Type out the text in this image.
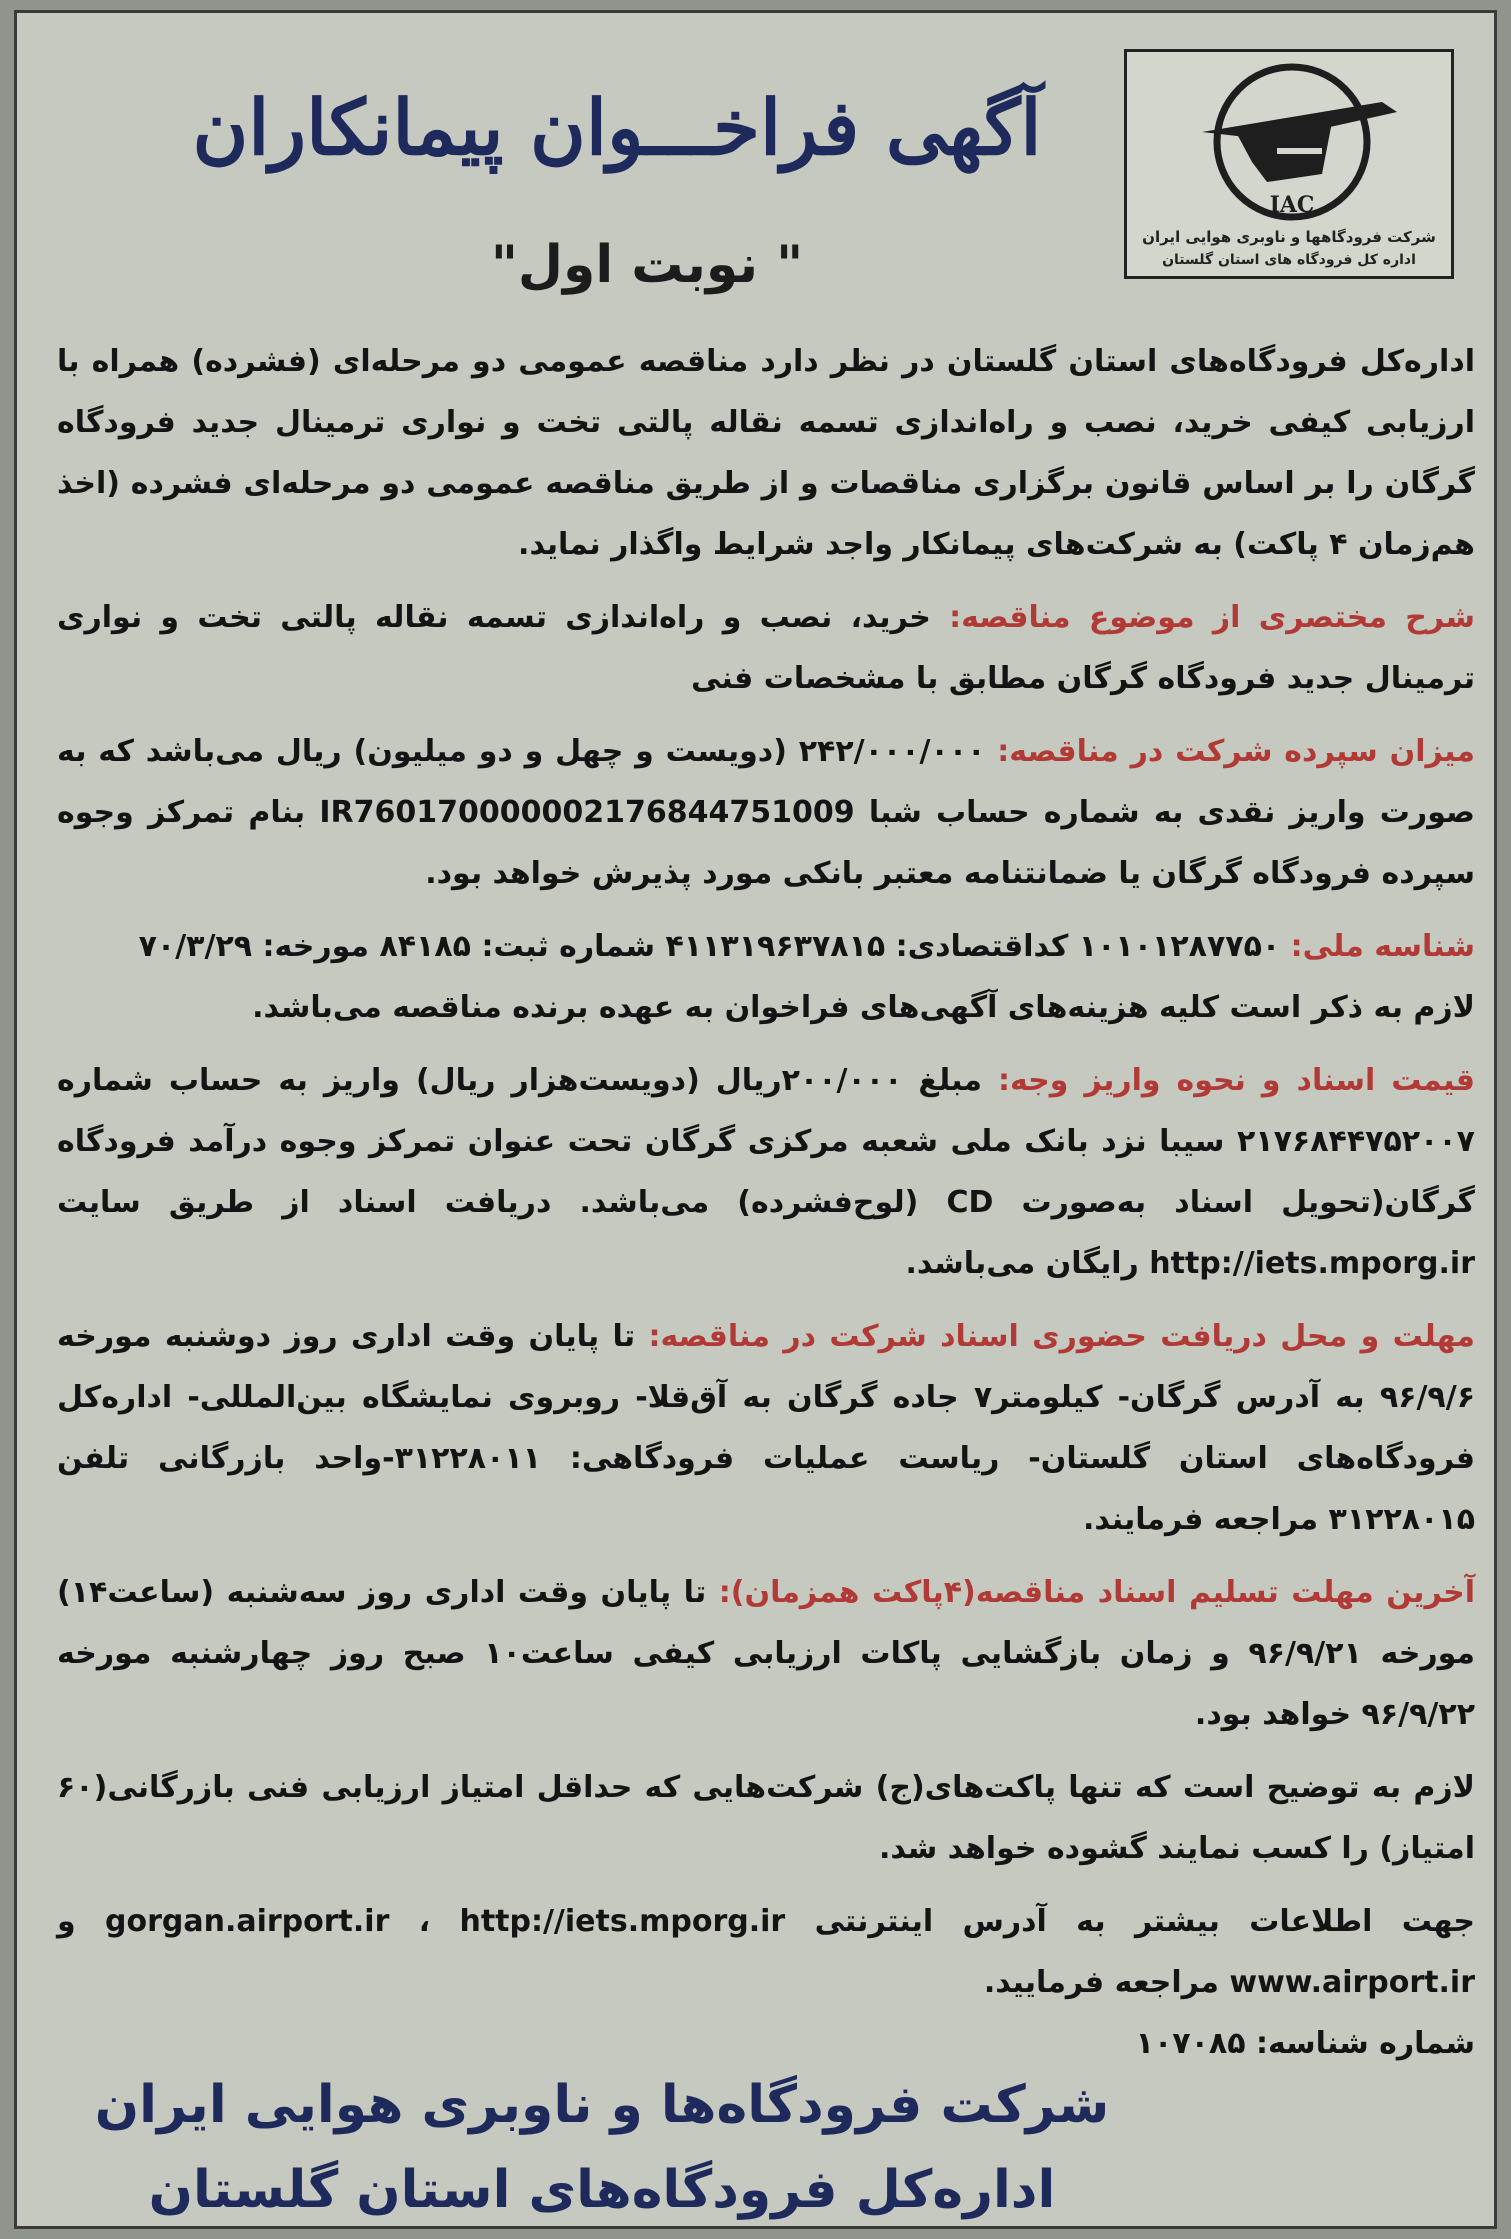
IAC
شرکت فرودگاهها و ناوبری هوایی ایران
اداره کل فرودگاه های استان گلستان
آگهی فراخـــوان پیمانکاران
" نوبت اول"

اداره‌کل فرودگاه‌های استان گلستان در نظر دارد مناقصه عمومی دو مرحله‌ای (فشرده) همراه با ارزیابی کیفی خرید، نصب و راه‌اندازی تسمه نقاله پالتی تخت و نواری ترمینال جدید فرودگاه گرگان را بر اساس قانون برگزاری مناقصات و از طریق مناقصه عمومی دو مرحله‌ای فشرده (اخذ هم‌زمان ۴ پاکت) به شرکت‌های پیمانکار واجد شرایط واگذار نماید.

شرح مختصری از موضوع مناقصه: خرید، نصب و راه‌اندازی تسمه نقاله پالتی تخت و نواری ترمینال جدید فرودگاه گرگان مطابق با مشخصات فنی

میزان سپرده شرکت در مناقصه: ۲۴۲/۰۰۰/۰۰۰ (دویست و چهل و دو میلیون) ریال می‌باشد که به صورت واریز نقدی به شماره حساب شبا IR760170000002176844751009 بنام تمرکز وجوه سپرده فرودگاه گرگان یا ضمانتنامه معتبر بانکی مورد پذیرش خواهد بود.

شناسه ملی: ۱۰۱۰۱۲۸۷۷۵۰ کداقتصادی: ۴۱۱۳۱۹۶۳۷۸۱۵ شماره ثبت: ۸۴۱۸۵ مورخه: ۷۰/۳/۲۹
لازم به ذکر است کلیه هزینه‌های آگهی‌های فراخوان به عهده برنده مناقصه می‌باشد.

قیمت اسناد و نحوه واریز وجه: مبلغ ۲۰۰/۰۰۰ریال (دویست‌هزار ریال) واریز به حساب شماره ۲۱۷۶۸۴۴۷۵۲۰۰۷ سیبا نزد بانک ملی شعبه مرکزی گرگان تحت عنوان تمرکز وجوه درآمد فرودگاه گرگان(تحویل اسناد به‌صورت CD (لوح‌فشرده) می‌باشد. دریافت اسناد از طریق سایت http://iets.mporg.ir رایگان می‌باشد.

مهلت و محل دریافت حضوری اسناد شرکت در مناقصه: تا پایان وقت اداری روز دوشنبه مورخه ۹۶/۹/۶ به آدرس گرگان- کیلومتر۷ جاده گرگان به آق‌قلا- روبروی نمایشگاه بین‌المللی- اداره‌کل فرودگاه‌های استان گلستان- ریاست عملیات فرودگاهی: ۳۱۲۲۸۰۱۱-واحد بازرگانی تلفن ۳۱۲۲۸۰۱۵ مراجعه فرمایند.

آخرین مهلت تسلیم اسناد مناقصه(۴پاکت همزمان): تا پایان وقت اداری روز سه‌شنبه (ساعت۱۴) مورخه ۹۶/۹/۲۱ و زمان بازگشایی پاکات ارزیابی کیفی ساعت۱۰ صبح روز چهارشنبه مورخه ۹۶/۹/۲۲ خواهد بود.

لازم به توضیح است که تنها پاکت‌های(ج) شرکت‌هایی که حداقل امتیاز ارزیابی فنی بازرگانی(۶۰ امتیاز) را کسب نمایند گشوده خواهد شد.

جهت اطلاعات بیشتر به آدرس اینترنتی gorgan.airport.ir ، http://iets.mporg.ir و www.airport.ir مراجعه فرمایید.
شماره شناسه: ۱۰۷۰۸۵

شرکت فرودگاه‌ها و ناوبری هوایی ایران
اداره‌کل فرودگاه‌های استان گلستان
